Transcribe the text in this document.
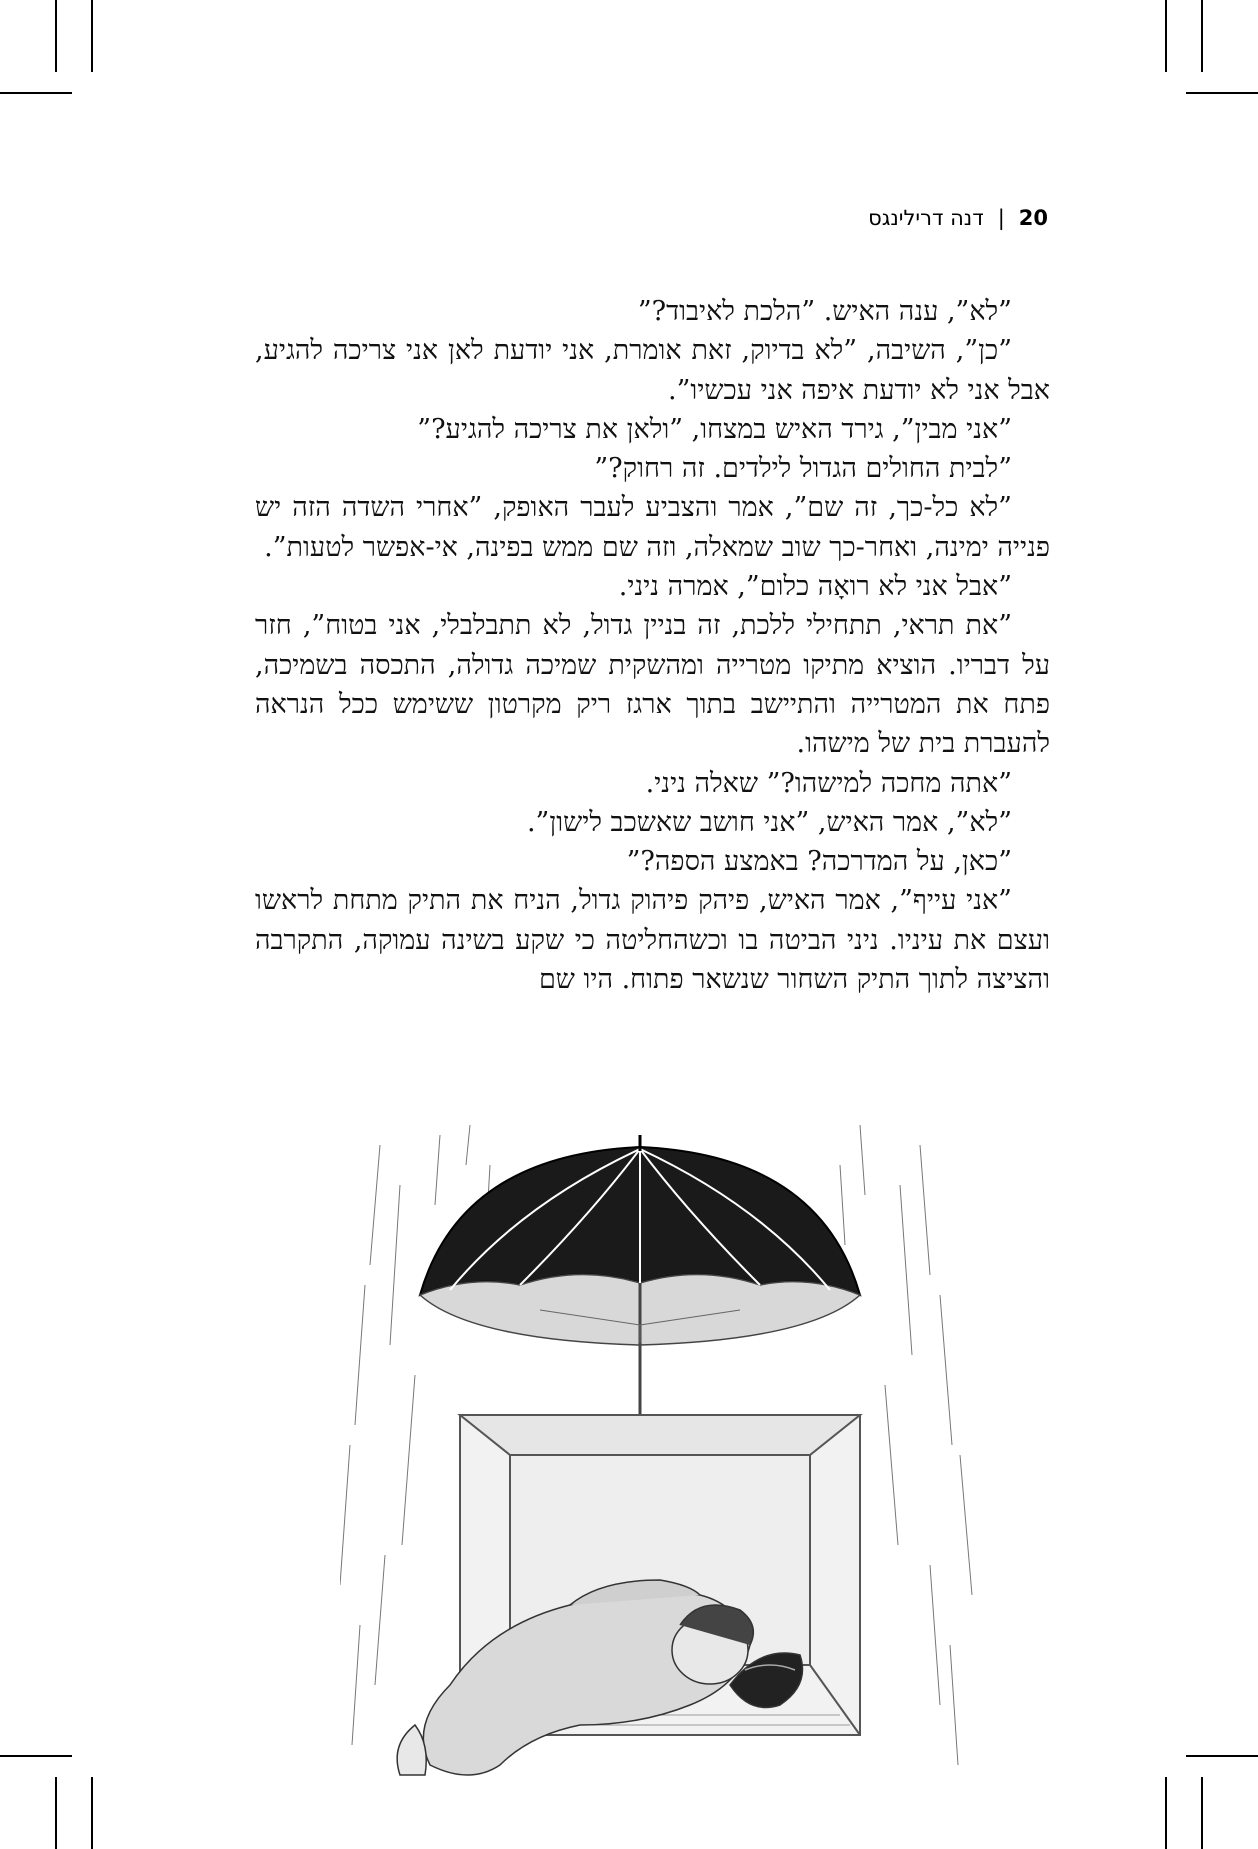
20
|
דנה דרילינגס

”לא”, ענה האיש. ”הלכת לאיבוד?”

”כן”, השיבה, ”לא בדיוק, זאת אומרת, אני יודעת לאן אני צריכה להגיע, אבל אני לא יודעת איפה אני עכשיו”.

”אני מבין”, גירד האיש במצחו, ”ולאן את צריכה להגיע?”

”לבית החולים הגדול לילדים. זה רחוק?”

”לא כל-כך, זה שם”, אמר והצביע לעבר האופק, ”אחרי השדה הזה יש פנייה ימינה, ואחר-כך שוב שמאלה, וזה שם ממש בפינה, אי-אפשר לטעות”.

”אבל אני לא רואָה כלום”, אמרה ניני.

”את תראי, תתחילי ללכת, זה בניין גדול, לא תתבלבלי, אני בטוח”, חזר על דבריו. הוציא מתיקו מטרייה ומהשקית שמיכה גדולה, התכסה בשמיכה, פתח את המטרייה והתיישב בתוך ארגז ריק מקרטון ששימש ככל הנראה להעברת בית של מישהו.

”אתה מחכה למישהו?” שאלה ניני.

”לא”, אמר האיש, ”אני חושב שאשכב לישון”.

”כאן, על המדרכה? באמצע הספה?”

”אני עייף”, אמר האיש, פיהק פיהוק גדול, הניח את התיק מתחת לראשו ועצם את עיניו. ניני הביטה בו וכשהחליטה כי שקע בשינה עמוקה, התקרבה והציצה לתוך התיק השחור שנשאר פתוח. היו שם
